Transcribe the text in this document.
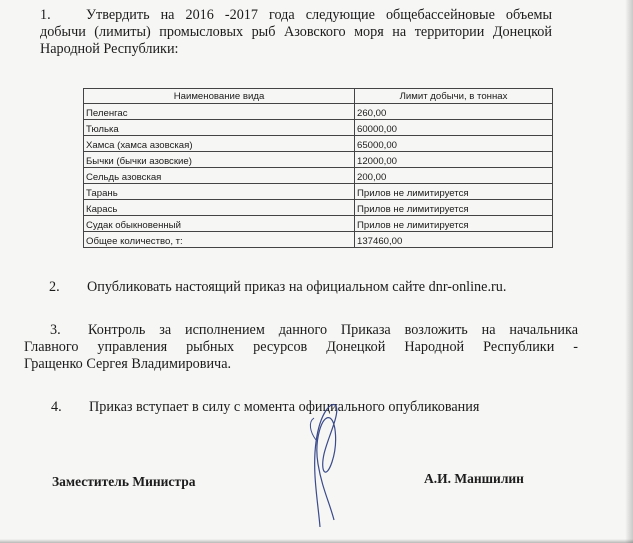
1. Утвердить на 2016 -2017 года следующие общебассейновые объемы
добычи (лимиты) промысловых рыб Азовского моря на территории Донецкой
Народной Республики:
Наименование вида	Лимит добычи, в тоннах
Пеленгас	260,00
Тюлька	60000,00
Хамса (хамса азовская)	65000,00
Бычки (бычки азовские)	12000,00
Сельдь азовская	200,00
Тарань	Прилов не лимитируется
Карась	Прилов не лимитируется
Судак обыкновенный	Прилов не лимитируется
Общее количество, т:	137460,00
2. Опубликовать настоящий приказ на официальном сайте dnr-online.ru.
3. Контроль за исполнением данного Приказа возложить на начальника
Главного управления рыбных ресурсов Донецкой Народной Республики -
Гращенко Сергея Владимировича.
4. Приказ вступает в силу с момента официального опубликования
Заместитель Министра	А.И. Маншилин
